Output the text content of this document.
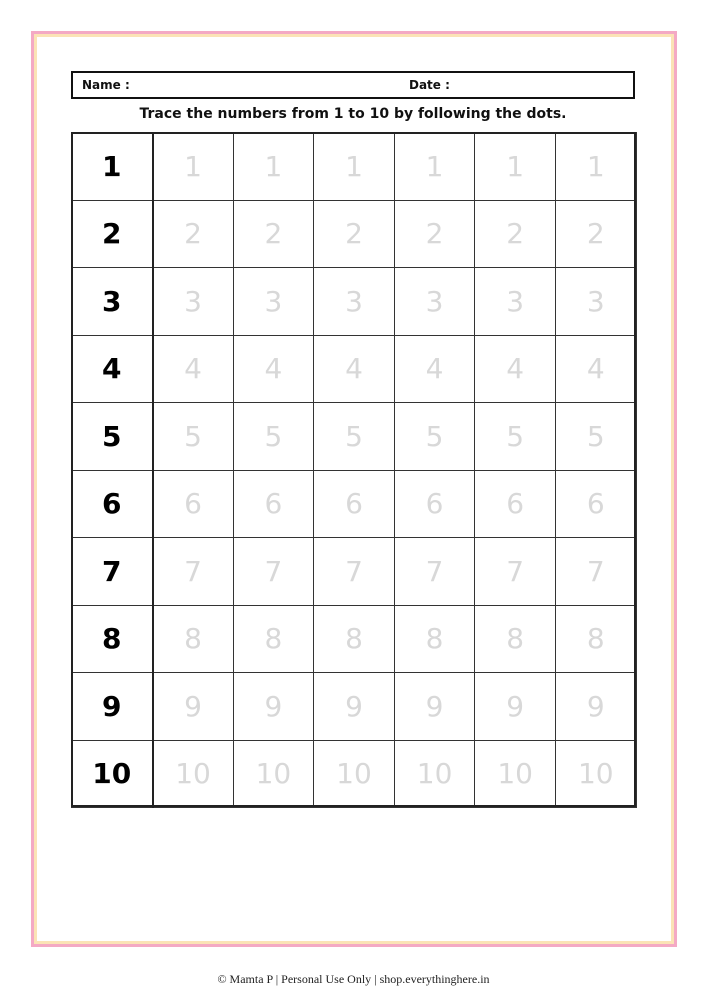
Name :	Date :
Trace the numbers from 1 to 10 by following the dots.
1	1	1	1	1	1	1
2	2	2	2	2	2	2
3	3	3	3	3	3	3
4	4	4	4	4	4	4
5	5	5	5	5	5	5
6	6	6	6	6	6	6
7	7	7	7	7	7	7
8	8	8	8	8	8	8
9	9	9	9	9	9	9
10	10	10	10	10	10	10
© Mamta P | Personal Use Only | shop.everythinghere.in
